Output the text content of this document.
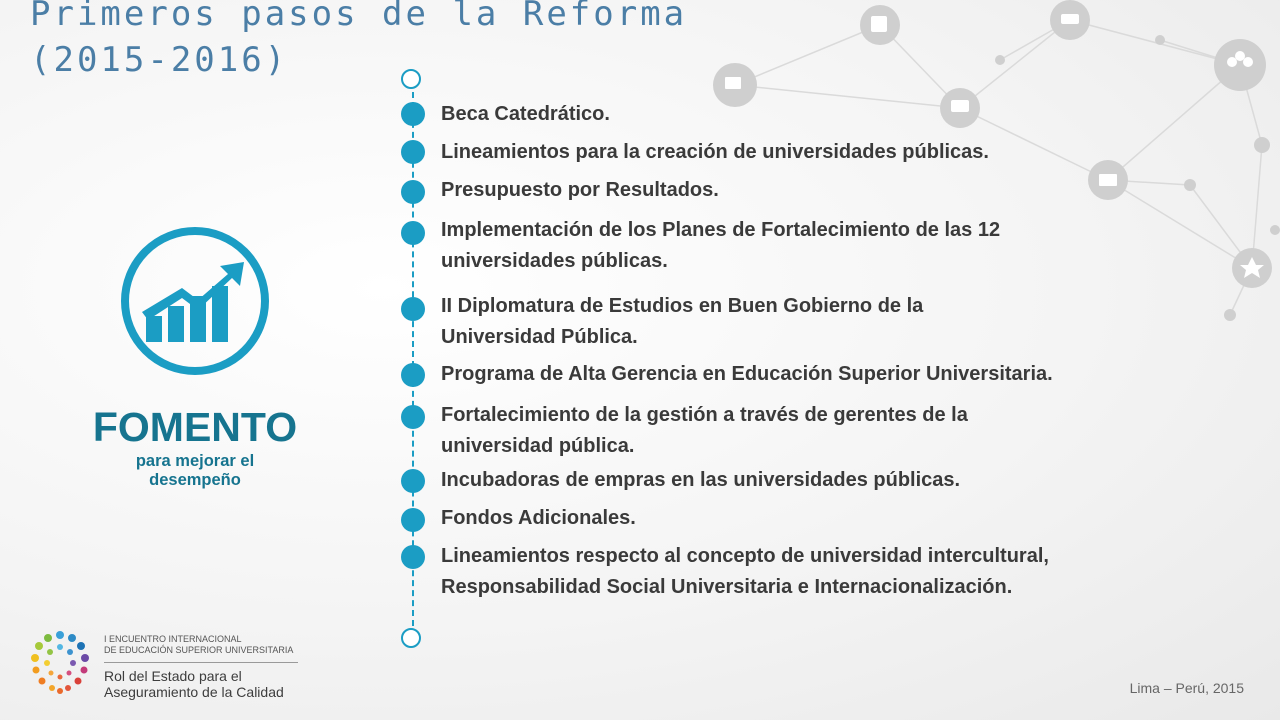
Primeros pasos de la Reforma
(2015-2016)
FOMENTO
para mejorar el desempeño

Beca Catedrático.

Lineamientos para la creación de universidades públicas.

Presupuesto por Resultados.

Implementación de los Planes de Fortalecimiento de las 12
universidades públicas.

II Diplomatura de Estudios en Buen Gobierno de la
Universidad Pública.

Programa de Alta Gerencia en Educación Superior Universitaria.

Fortalecimiento de la gestión a través de gerentes de la
universidad pública.

Incubadoras de empras en las universidades públicas.

Fondos Adicionales.

Lineamientos respecto al concepto de universidad intercultural,
Responsabilidad Social Universitaria e Internacionalización.

I ENCUENTRO INTERNACIONAL
DE EDUCACIÓN SUPERIOR UNIVERSITARIA
Rol del Estado para el
Aseguramiento de la Calidad	Lima – Perú, 2015
